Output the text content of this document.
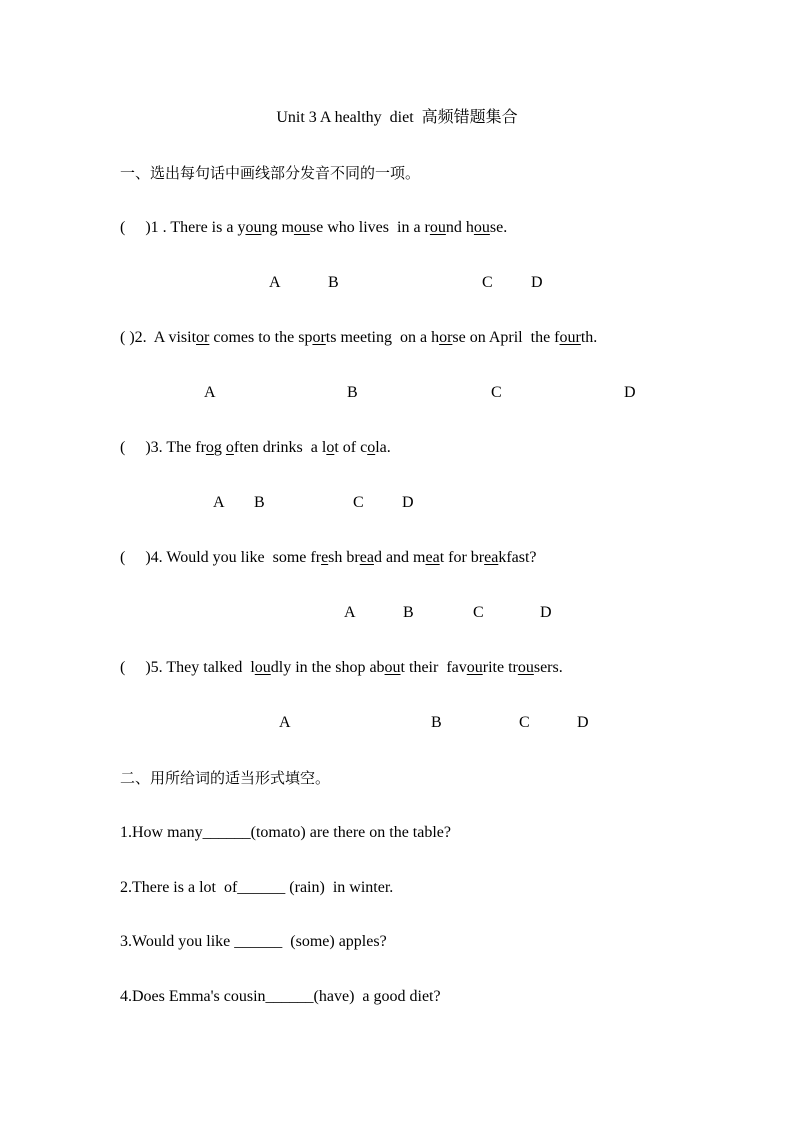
Unit 3 A healthy  diet  高频错题集合
一、选出每句话中画线部分发音不同的一项。
(     )1 . There is a young mouse who lives  in a round house.
A	B	C D
( )2.  A visitor comes to the sports meeting  on a horse on April  the fourth.
A	B	C	D
(     )3. The frog often drinks  a lot of cola.
A B	C D
(     )4. Would you like  some fresh bread and meat for breakfast?
A	B	C	D
(     )5. They talked  loudly in the shop about their  favourite trousers.
A	B	C	D
二、用所给词的适当形式填空。
1.How many______(tomato) are there on the table?
2.There is a lot  of______ (rain)  in winter.
3.Would you like ______  (some) apples?
4.Does Emma's cousin______(have)  a good diet?
